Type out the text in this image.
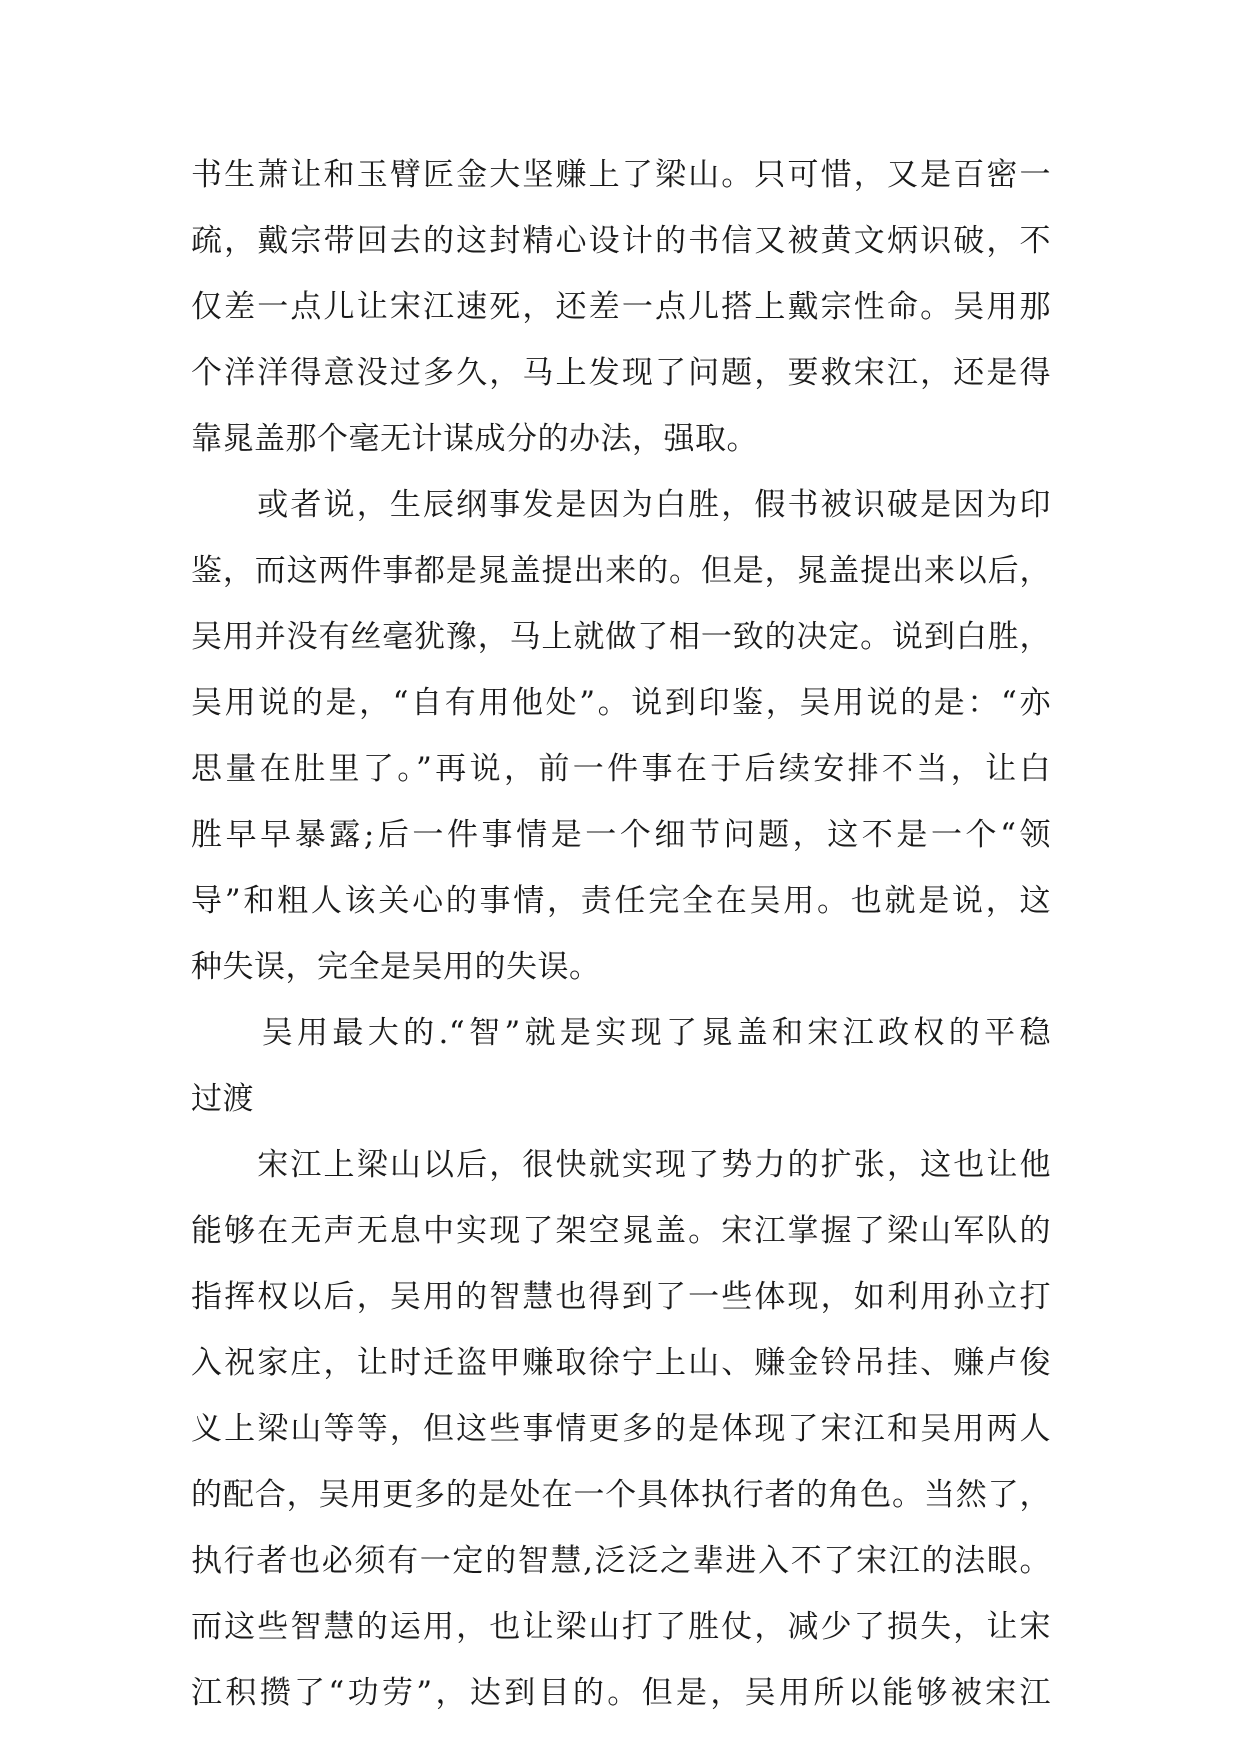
书生萧让和玉臂匠金大坚赚上了梁山。只可惜，又是百密一
疏，戴宗带回去的这封精心设计的书信又被黄文炳识破，不
仅差一点儿让宋江速死，还差一点儿搭上戴宗性命。吴用那
个洋洋得意没过多久，马上发现了问题，要救宋江，还是得
靠晁盖那个毫无计谋成分的办法，强取。
　　或者说，生辰纲事发是因为白胜，假书被识破是因为印
鉴，而这两件事都是晁盖提出来的。但是，晁盖提出来以后，
吴用并没有丝毫犹豫，马上就做了相一致的决定。说到白胜，
吴用说的是，“自有用他处”。说到印鉴，吴用说的是：“亦
思量在肚里了。”再说，前一件事在于后续安排不当，让白
胜早早暴露;后一件事情是一个细节问题，这不是一个“领
导”和粗人该关心的事情，责任完全在吴用。也就是说，这
种失误，完全是吴用的失误。
　　吴用最大的.“智”就是实现了晁盖和宋江政权的平稳
过渡
　　宋江上梁山以后，很快就实现了势力的扩张，这也让他
能够在无声无息中实现了架空晁盖。宋江掌握了梁山军队的
指挥权以后，吴用的智慧也得到了一些体现，如利用孙立打
入祝家庄，让时迁盗甲赚取徐宁上山、赚金铃吊挂、赚卢俊
义上梁山等等，但这些事情更多的是体现了宋江和吴用两人
的配合，吴用更多的是处在一个具体执行者的角色。当然了，
执行者也必须有一定的智慧,泛泛之辈进入不了宋江的法眼。
而这些智慧的运用，也让梁山打了胜仗，减少了损失，让宋
江积攒了“功劳”，达到目的。但是，吴用所以能够被宋江
